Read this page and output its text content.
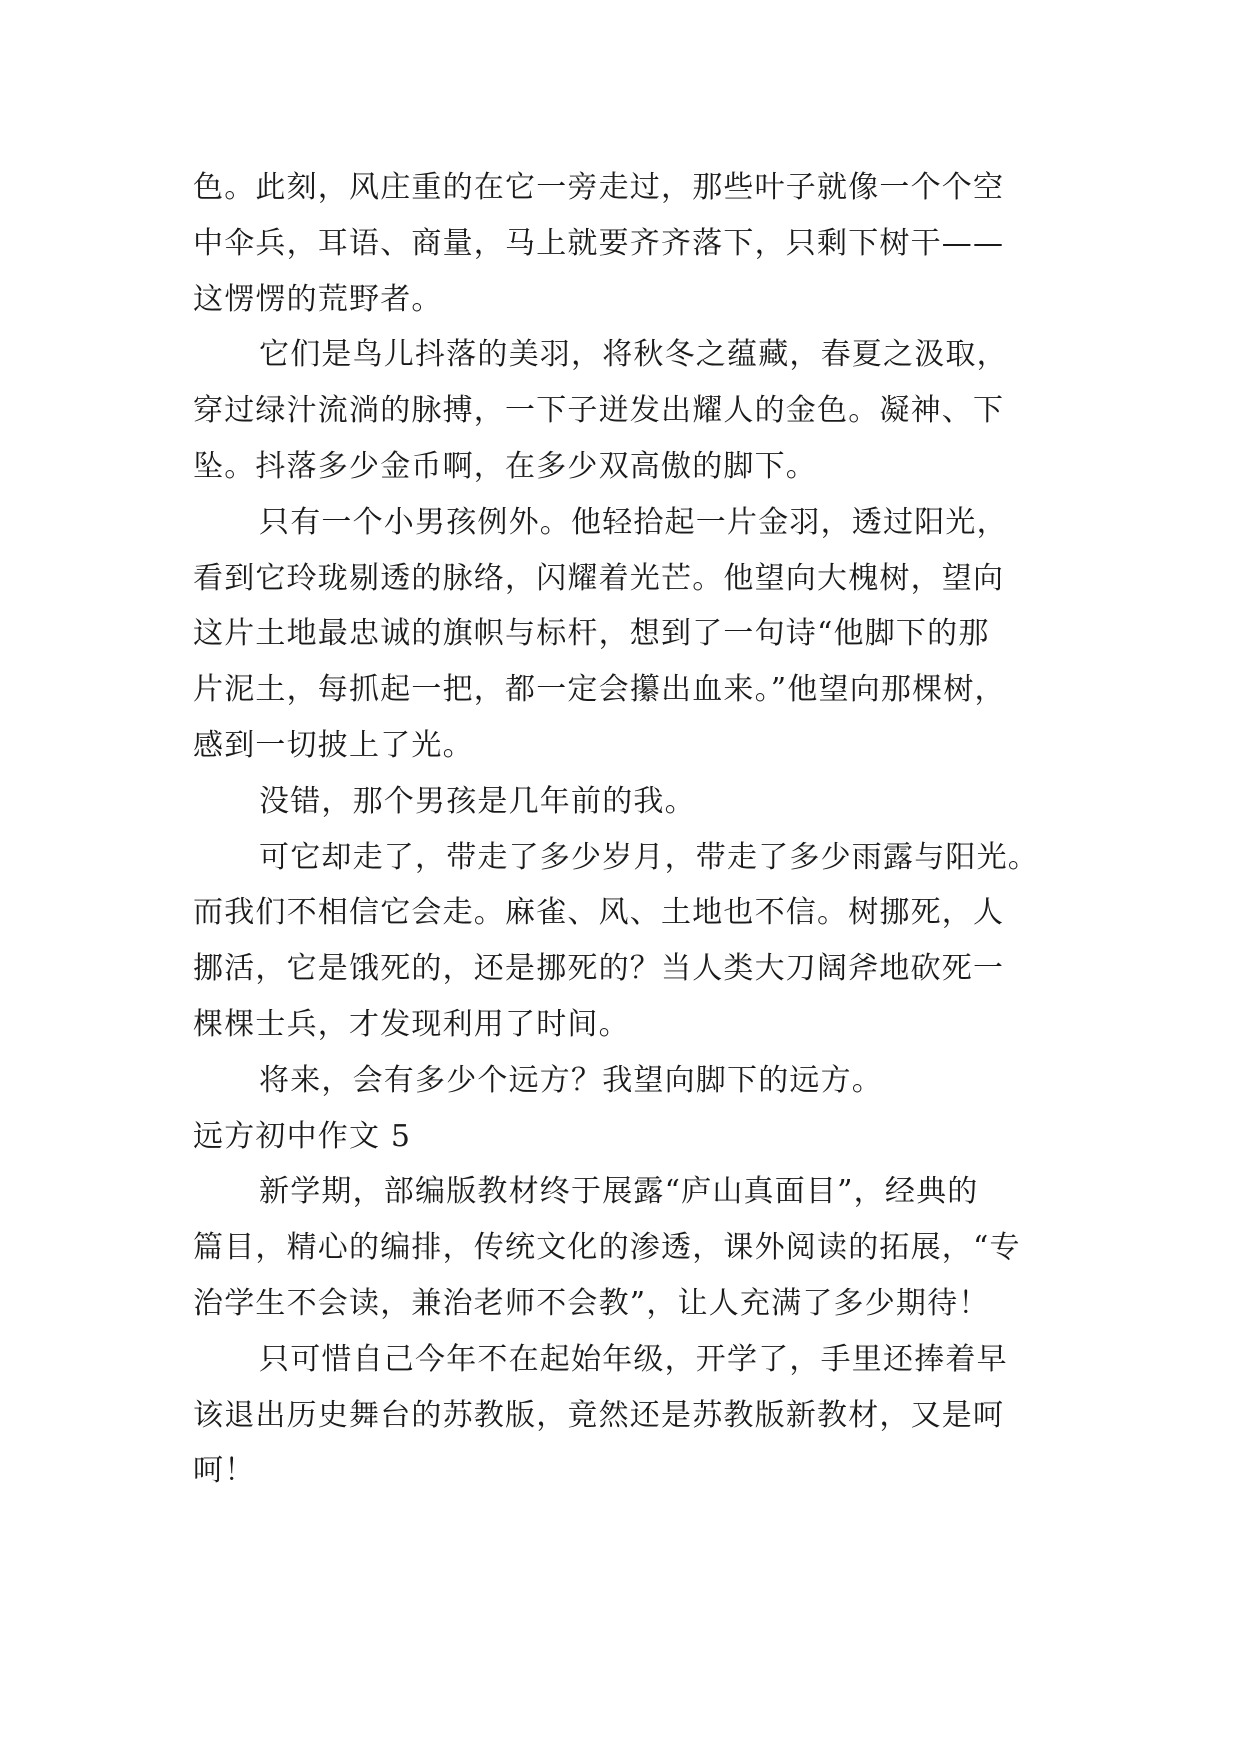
色。此刻，风庄重的在它一旁走过，那些叶子就像一个个空
中伞兵，耳语、商量，马上就要齐齐落下，只剩下树干——
这愣愣的荒野者。
它们是鸟儿抖落的美羽，将秋冬之蕴藏，春夏之汲取，
穿过绿汁流淌的脉搏，一下子迸发出耀人的金色。凝神、下
坠。抖落多少金币啊，在多少双高傲的脚下。
只有一个小男孩例外。他轻拾起一片金羽，透过阳光，
看到它玲珑剔透的脉络，闪耀着光芒。他望向大槐树，望向
这片土地最忠诚的旗帜与标杆，想到了一句诗“他脚下的那
片泥土，每抓起一把，都一定会攥出血来。”他望向那棵树，
感到一切披上了光。
没错，那个男孩是几年前的我。
可它却走了，带走了多少岁月，带走了多少雨露与阳光。
而我们不相信它会走。麻雀、风、土地也不信。树挪死，人
挪活，它是饿死的，还是挪死的？当人类大刀阔斧地砍死一
棵棵士兵，才发现利用了时间。
将来，会有多少个远方？我望向脚下的远方。
远方初中作文 5
新学期，部编版教材终于展露“庐山真面目”，经典的
篇目，精心的编排，传统文化的渗透，课外阅读的拓展，“专
治学生不会读，兼治老师不会教”，让人充满了多少期待！
只可惜自己今年不在起始年级，开学了，手里还捧着早
该退出历史舞台的苏教版，竟然还是苏教版新教材，又是呵
呵！
